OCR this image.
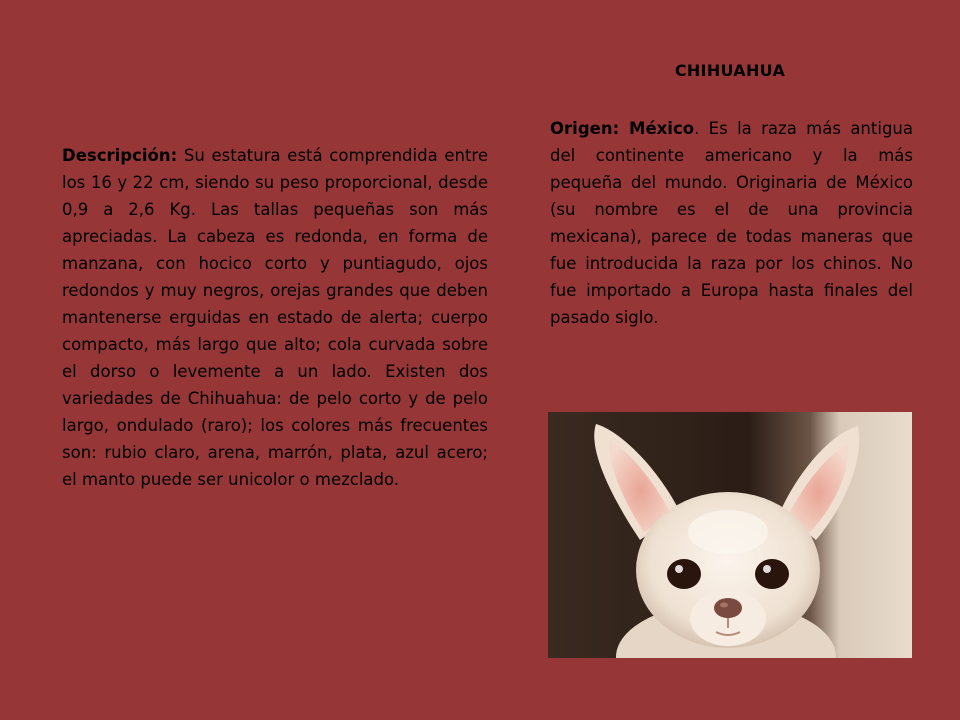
CHIHUAHUA
Origen: México. Es la raza más antigua del continente americano y la más pequeña del mundo. Originaria de México (su nombre es el de una provincia mexicana), parece de todas maneras que fue introducida la raza por los chinos. No fue importado a Europa hasta finales del pasado siglo.
Descripción: Su estatura está comprendida entre los 16 y 22 cm, siendo su peso proporcional, desde 0,9 a 2,6 Kg. Las tallas pequeñas son más apreciadas. La cabeza es redonda, en forma de manzana, con hocico corto y puntiagudo, ojos redondos y muy negros, orejas grandes que deben mantenerse erguidas en estado de alerta; cuerpo compacto, más largo que alto; cola curvada sobre el dorso o levemente a un lado. Existen dos variedades de Chihuahua: de pelo corto y de pelo largo, ondulado (raro); los colores más frecuentes son: rubio claro, arena, marrón, plata, azul acero; el manto puede ser unicolor o mezclado.
